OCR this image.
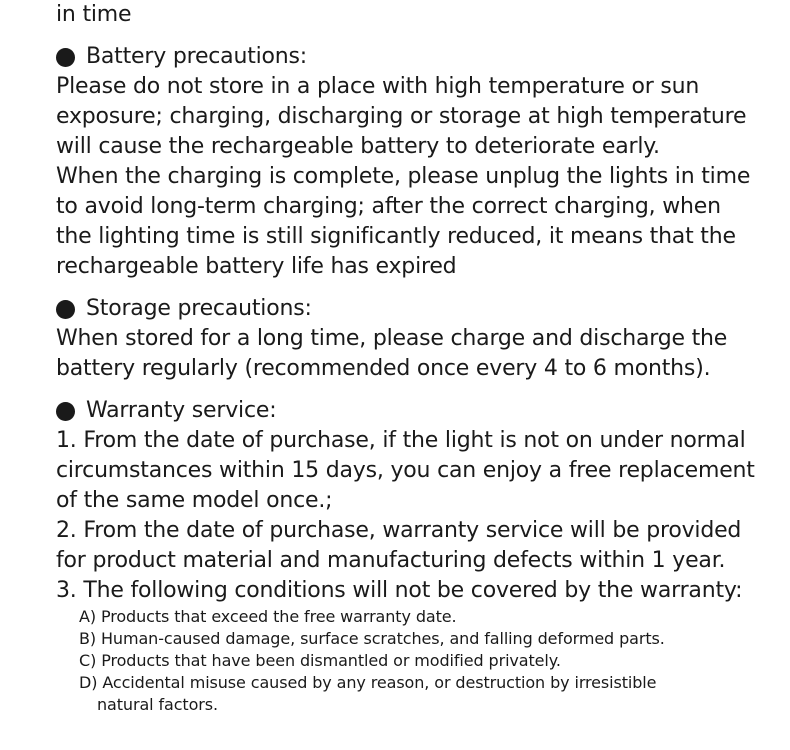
in time
Battery precautions:
Please do not store in a place with high temperature or sun
exposure; charging, discharging or storage at high temperature
will cause the rechargeable battery to deteriorate early.
When the charging is complete, please unplug the lights in time
to avoid long-term charging; after the correct charging, when
the lighting time is still significantly reduced, it means that the
rechargeable battery life has expired
Storage precautions:
When stored for a long time, please charge and discharge the
battery regularly (recommended once every 4 to 6 months).
Warranty service:
1. From the date of purchase, if the light is not on under normal
circumstances within 15 days, you can enjoy a free replacement
of the same model once.;
2. From the date of purchase, warranty service will be provided
for product material and manufacturing defects within 1 year.
3. The following conditions will not be covered by the warranty:
A) Products that exceed the free warranty date.
B) Human-caused damage, surface scratches, and falling deformed parts.
C) Products that have been dismantled or modified privately.
D) Accidental misuse caused by any reason, or destruction by irresistible
natural factors.
